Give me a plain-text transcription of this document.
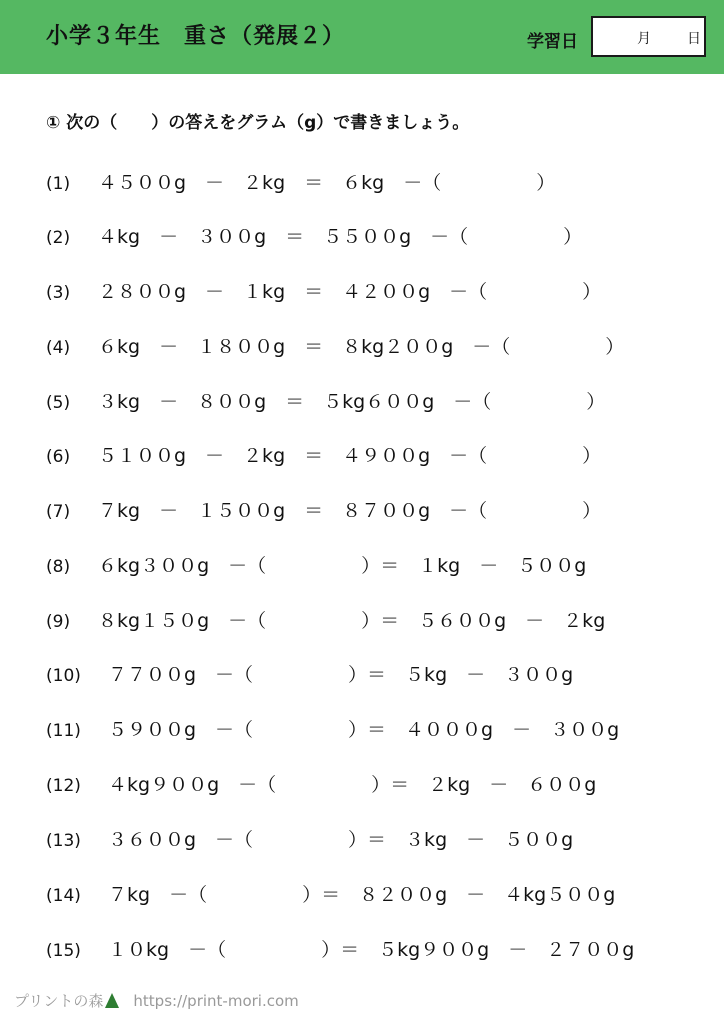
小学３年生　重さ（発展２）	学習日	月	日
① 次の（　　）の答えをグラム（g）で書きましょう。
(1) ４５００g　－　２kg　＝　６kg　－（　　　　　）
(2) ４kg　－　３００g　＝　５５００g　－（　　　　　）
(3) ２８００g　－　１kg　＝　４２００g　－（　　　　　）
(4) ６kg　－　１８００g　＝　８kg２００g　－（　　　　　）
(5) ３kg　－　８００g　＝　５kg６００g　－（　　　　　）
(6) ５１００g　－　２kg　＝　４９００g　－（　　　　　）
(7) ７kg　－　１５００g　＝　８７００g　－（　　　　　）
(8) ６kg３００g　－（　　　　　）＝　１kg　－　５００g
(9) ８kg１５０g　－（　　　　　）＝　５６００g　－　２kg
(10) ７７００g　－（　　　　　）＝　５kg　－　３００g
(11) ５９００g　－（　　　　　）＝　４０００g　－　３００g
(12) ４kg９００g　－（　　　　　）＝　２kg　－　６００g
(13) ３６００g　－（　　　　　）＝　３kg　－　５００g
(14) ７kg　－（　　　　　）＝　８２００g　－　４kg５００g
(15) １０kg　－（　　　　　）＝　５kg９００g　－　２７００g
プリントの森 https://print-mori.com
